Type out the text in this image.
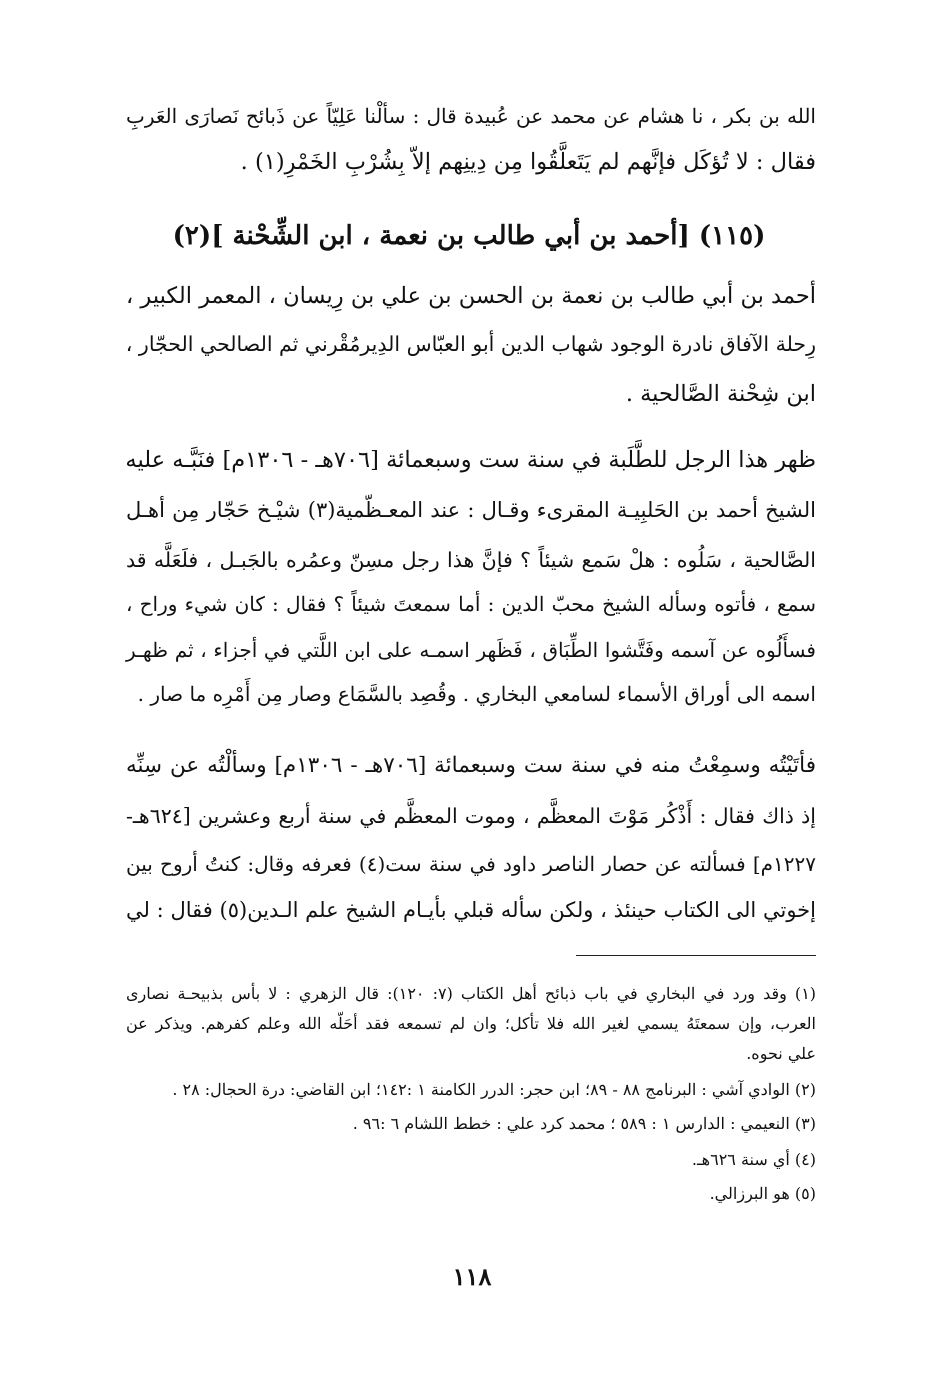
الله بن بكر ، نا هشام عن محمد عن عُبيدة قال : سألْنا عَلِيّاً عن ذَبائح نَصارَى العَربِ
فقال : لا تُؤكَل فإنَّهم لم يَتَعلَّقُوا مِن دِينِهم إلاّ بِشُرْبِ الخَمْرِ(١) .
(١١٥) [أحمد بن أبي طالب بن نعمة ، ابن الشِّحْنة ](٢)
أحمد بن أبي طالب بن نعمة بن الحسن بن علي بن رِيسان ، المعمر الكبير ،
رِحلة الآفاق نادرة الوجود شهاب الدين أبو العبّاس الدِيرمُقْرني ثم الصالحي الحجّار ،
ابن شِحْنة الصَّالحية .
ظهر هذا الرجل للطَّلَبة في سنة ست وسبعمائة [٧٠٦هـ - ١٣٠٦م] فنَبَّـه عليه
الشيخ أحمد بن الحَلبِيـة المقرىء وقـال : عند المعـظّمية(٣) شيْـخ حَجّار مِن أهـل
الصَّالحية ، سَلُوه : هلْ سَمع شيئاً ؟ فإنَّ هذا رجل مسِنّ وعمُره بالجَبـل ، فلَعَلَّه قد
سمع ، فأتوه وسأله الشيخ محبّ الدين : أما سمعتَ شيئاً ؟ فقال : كان شيء وراح ،
فسأَلُوه عن آسمه وفَتَّشوا الطِّبَاق ، فَظَهر اسمـه على ابن اللَّتي في أجزاء ، ثم ظهـر
اسمه الى أوراق الأسماء لسامعي البخاري . وقُصِد بالسَّمَاع وصار مِن أَمْرِه ما صار .
فأتَيْتُه وسمِعْتُ منه في سنة ست وسبعمائة [٧٠٦هـ - ١٣٠٦م] وسألْتُه عن سِنِّه
إذ ذاك فقال : أَذْكُر مَوْتَ المعظَّم ، وموت المعظَّم في سنة أربع وعشرين [٦٢٤هـ-
١٢٢٧م] فسألته عن حصار الناصر داود في سنة ست(٤) فعرفه وقال: كنتُ أروح بين
إخوتي الى الكتاب حينئذ ، ولكن سأله قبلي بأيـام الشيخ علم الـدين(٥) فقال : لي
(١) وقد ورد في البخاري في باب ذبائح أهل الكتاب (٧: ١٢٠): قال الزهري : لا بأس بذبيحـة نصارى
العرب، وإن سمعتَهُ يسمي لغير الله فلا تأكل؛ وان لم تسمعه فقد أحَلّه الله وعلم كفرهم. ويذكر عن
علي نحوه.
(٢) الوادي آشي : البرنامج ٨٨ - ٨٩؛ ابن حجر: الدرر الكامنة ١ :١٤٢؛ ابن القاضي: درة الحجال: ٢٨ .
(٣) النعيمي : الدارس ١ : ٥٨٩ ؛ محمد كرد علي : خطط اللشام ٦ :٩٦ .
(٤) أي سنة ٦٢٦هـ.
(٥) هو البرزالي.
١١٨
